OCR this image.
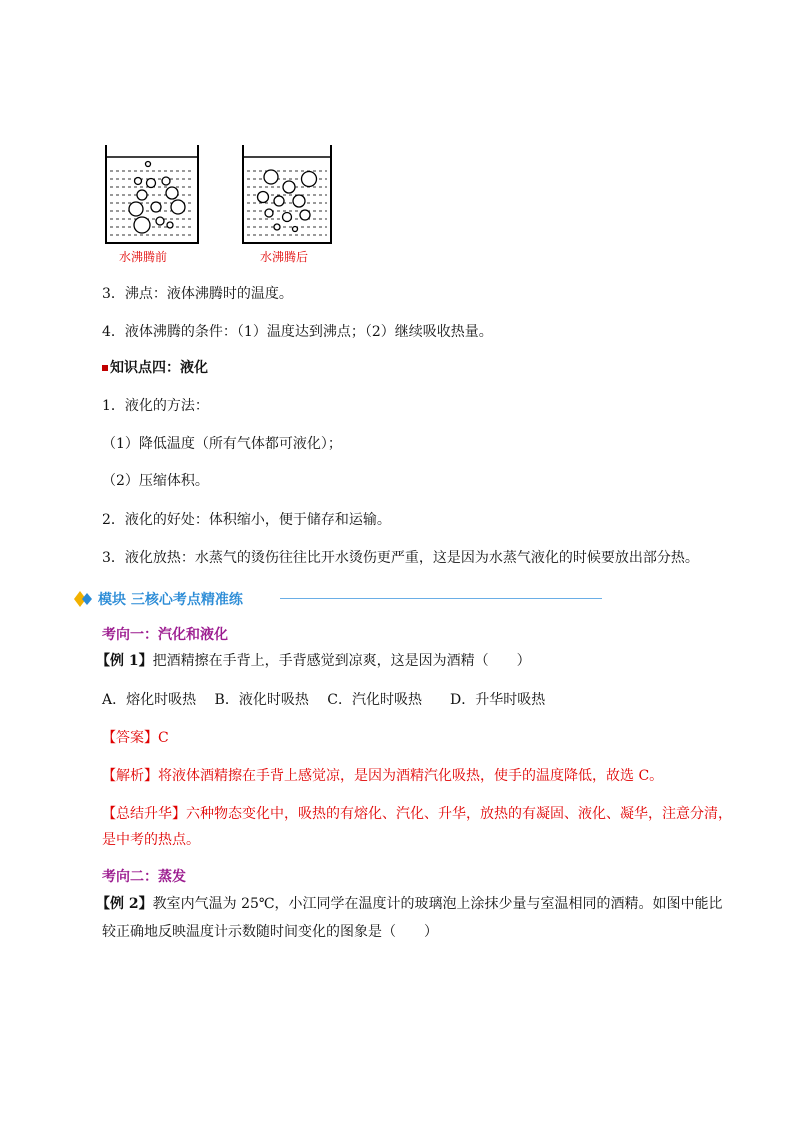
水沸腾前	水沸腾后
3．沸点：液体沸腾时的温度。
4．液体沸腾的条件：（1）温度达到沸点；（2）继续吸收热量。
知识点四：液化
1．液化的方法：
（1）降低温度（所有气体都可液化）；
（2）压缩体积。
2．液化的好处：体积缩小，便于储存和运输。
3．液化放热：水蒸气的烫伤往往比开水烫伤更严重，这是因为水蒸气液化的时候要放出部分热。
模块 三核心考点精准练
考向一：汽化和液化
【例 1】把酒精擦在手背上，手背感觉到凉爽，这是因为酒精（　　）
A．熔化时吸热　 B．液化时吸热　 C．汽化时吸热　　D．升华时吸热
【答案】C
【解析】将液体酒精擦在手背上感觉凉，是因为酒精汽化吸热，使手的温度降低，故选 C。
【总结升华】六种物态变化中，吸热的有熔化、汽化、升华，放热的有凝固、液化、凝华，注意分清，
是中考的热点。
考向二：蒸发
【例 2】教室内气温为 25℃，小江同学在温度计的玻璃泡上涂抹少量与室温相同的酒精。如图中能比
较正确地反映温度计示数随时间变化的图象是（　　）
